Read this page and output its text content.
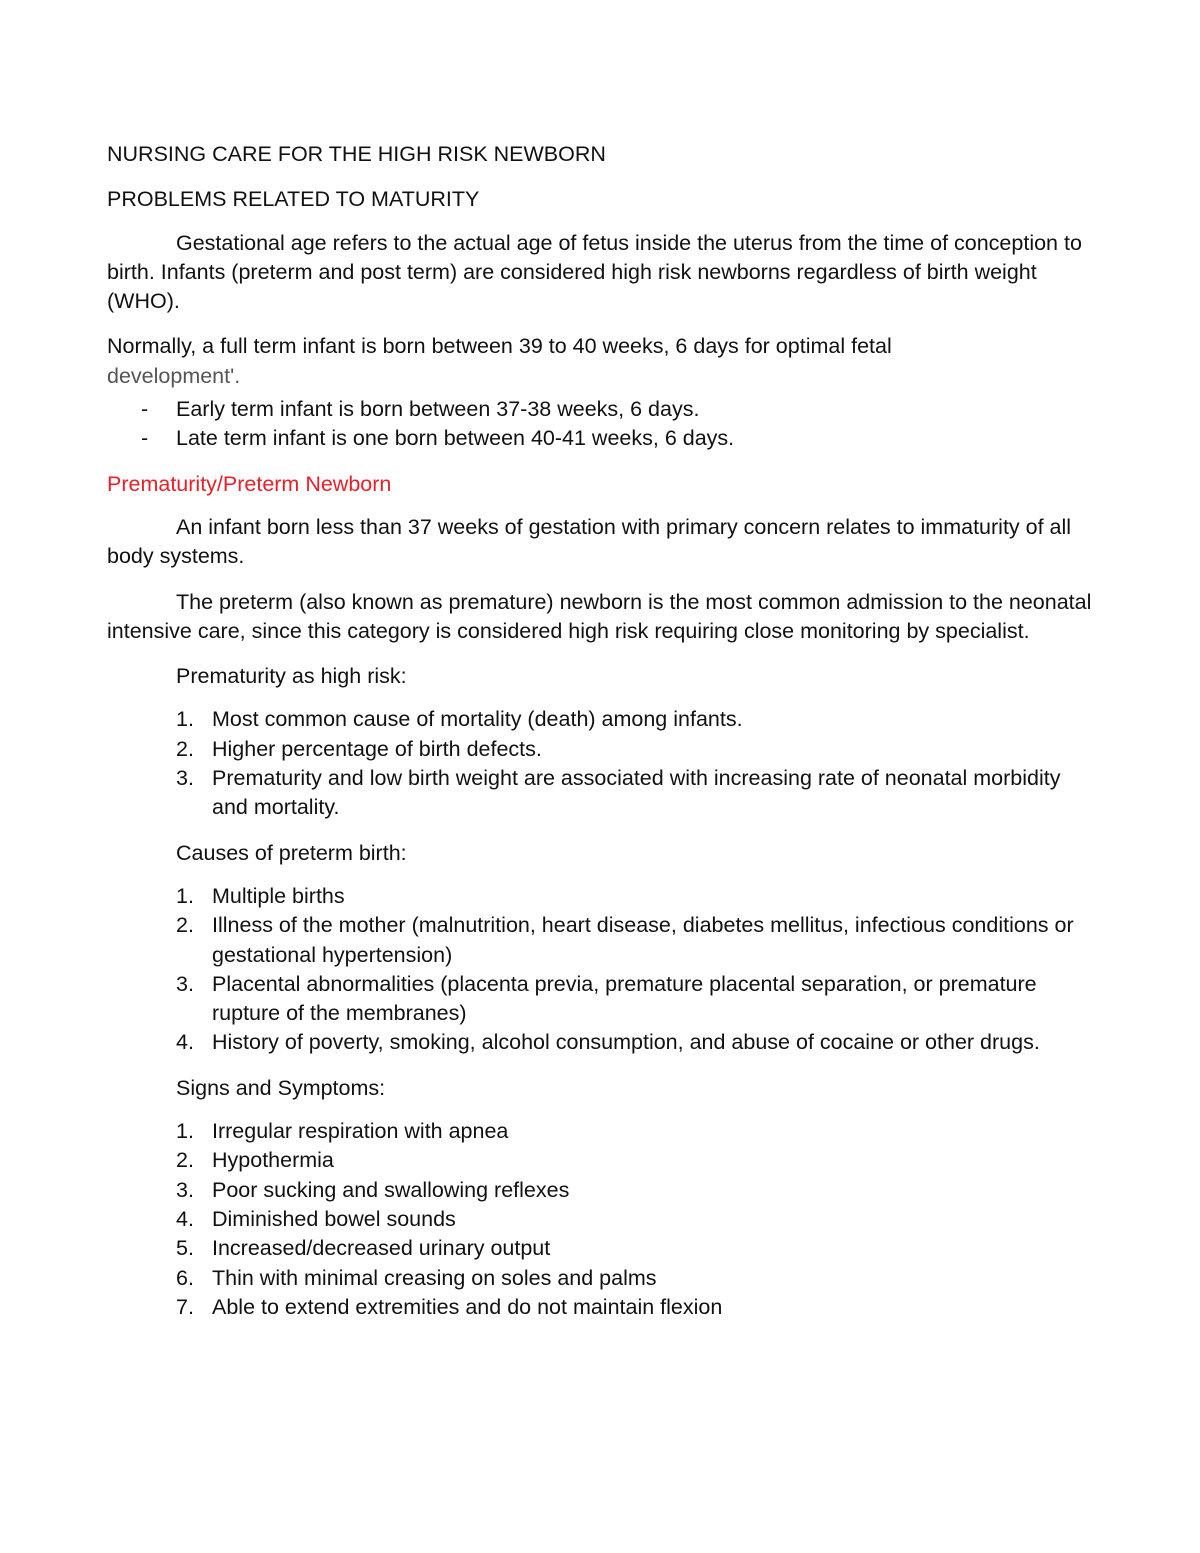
NURSING CARE FOR THE HIGH RISK NEWBORN

PROBLEMS RELATED TO MATURITY

Gestational age refers to the actual age of fetus inside the uterus from the time of conception to birth. Infants (preterm and post term) are considered high risk newborns regardless of birth weight (WHO).

Normally, a full term infant is born between 39 to 40 weeks, 6 days for optimal fetal
development'.

- Early term infant is born between 37-38 weeks, 6 days.
- Late term infant is one born between 40-41 weeks, 6 days.

Prematurity/Preterm Newborn

An infant born less than 37 weeks of gestation with primary concern relates to immaturity of all body systems.

The preterm (also known as premature) newborn is the most common admission to the neonatal intensive care, since this category is considered high risk requiring close monitoring by specialist.

Prematurity as high risk:

1. Most common cause of mortality (death) among infants.
2. Higher percentage of birth defects.
3. Prematurity and low birth weight are associated with increasing rate of neonatal morbidity and mortality.

Causes of preterm birth:

1. Multiple births
2. Illness of the mother (malnutrition, heart disease, diabetes mellitus, infectious conditions or gestational hypertension)
3. Placental abnormalities (placenta previa, premature placental separation, or premature rupture of the membranes)
4. History of poverty, smoking, alcohol consumption, and abuse of cocaine or other drugs.

Signs and Symptoms:

1. Irregular respiration with apnea
2. Hypothermia
3. Poor sucking and swallowing reflexes
4. Diminished bowel sounds
5. Increased/decreased urinary output
6. Thin with minimal creasing on soles and palms
7. Able to extend extremities and do not maintain flexion
